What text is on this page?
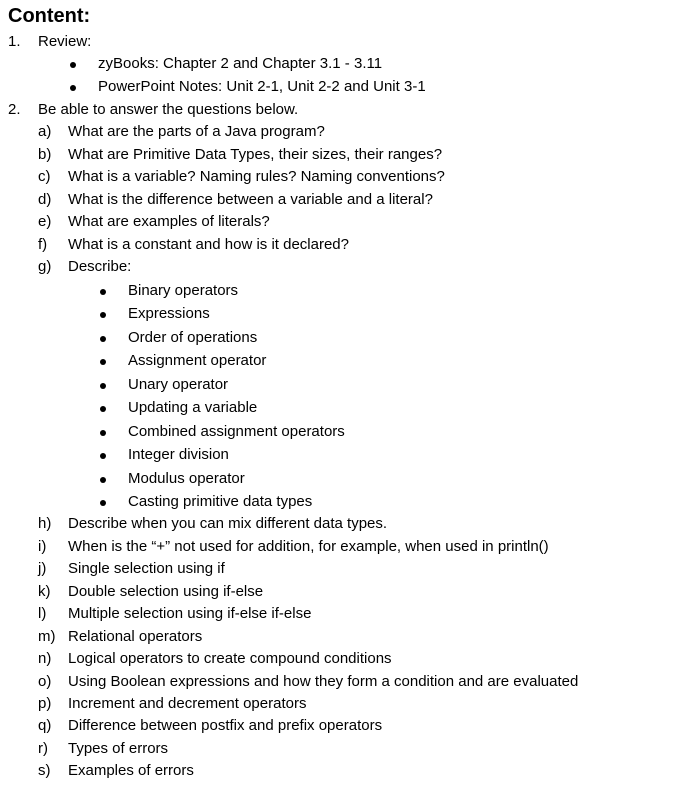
Content:
1. Review:
zyBooks: Chapter 2 and Chapter 3.1 - 3.11
PowerPoint Notes: Unit 2-1, Unit 2-2 and Unit 3-1
2. Be able to answer the questions below.
a) What are the parts of a Java program?
b) What are Primitive Data Types, their sizes, their ranges?
c) What is a variable? Naming rules? Naming conventions?
d) What is the difference between a variable and a literal?
e) What are examples of literals?
f) What is a constant and how is it declared?
g) Describe:
Binary operators
Expressions
Order of operations
Assignment operator
Unary operator
Updating a variable
Combined assignment operators
Integer division
Modulus operator
Casting primitive data types
h) Describe when you can mix different data types.
i) When is the “+” not used for addition, for example, when used in println()
j) Single selection using if
k) Double selection using if-else
l) Multiple selection using if-else if-else
m) Relational operators
n) Logical operators to create compound conditions
o) Using Boolean expressions and how they form a condition and are evaluated
p) Increment and decrement operators
q) Difference between postfix and prefix operators
r) Types of errors
s) Examples of errors
